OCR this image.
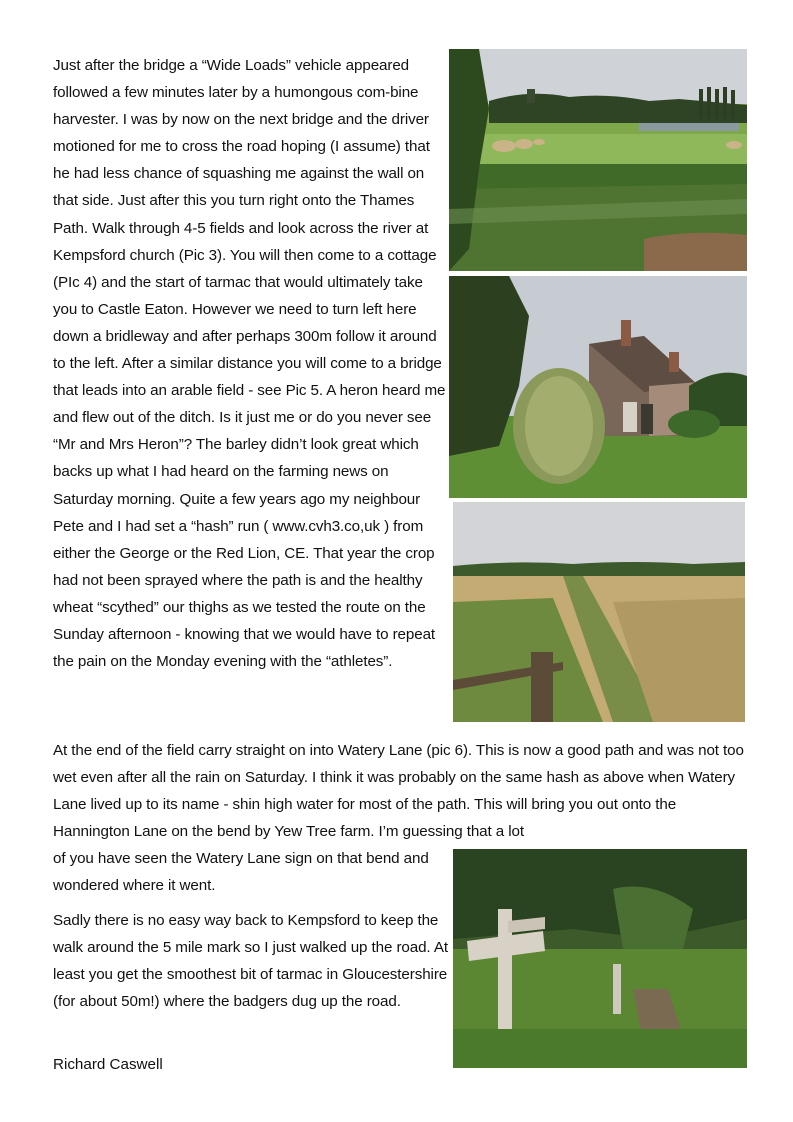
Just after the bridge a “Wide Loads” vehicle appeared followed a few minutes later by a humongous com-bine harvester. I was by now on the next bridge and the driver motioned for me to cross the road hoping (I assume) that he had less chance of squashing me against the wall on that side. Just after this you turn right onto the Thames Path. Walk through 4-5 fields and look across the river at Kempsford church (Pic 3). You will then come to a cottage (PIc 4) and the start of tarmac that would ultimately take you to Castle Eaton. However we need to turn left here down a bridleway and after perhaps 300m follow it around to the left. After a similar distance you will come to a bridge that leads into an arable field - see Pic 5. A heron heard me and flew out of the ditch. Is it just me or do you never see “Mr and Mrs Heron”? The barley didn’t look great which backs up what I had heard on the farming news on Saturday morning. Quite a few years ago my neighbour Pete and I had set a “hash” run ( www.cvh3.co,uk ) from either the George or the Red Lion, CE. That year the crop had not been sprayed where the path is and the healthy wheat “scythed” our thighs as we tested the route on the Sunday afternoon - knowing that we would have to repeat the pain on the Monday evening with the “athletes”.

At the end of the field carry straight on into Watery Lane (pic 6). This is now a good path and was not too wet even after all the rain on Saturday. I think it was probably on the same hash as above when Watery Lane lived up to its name - shin high water for most of the path. This will bring you out onto the Hannington Lane on the bend by Yew Tree farm. I’m guessing that a lot

of you have seen the Watery Lane sign on that bend and wondered where it went.

Sadly there is no easy way back to Kempsford to keep the walk around the 5 mile mark so I just walked up the road. At least you get the smoothest bit of tarmac in Gloucestershire (for about 50m!) where the badgers dug up the road.

Richard Caswell
